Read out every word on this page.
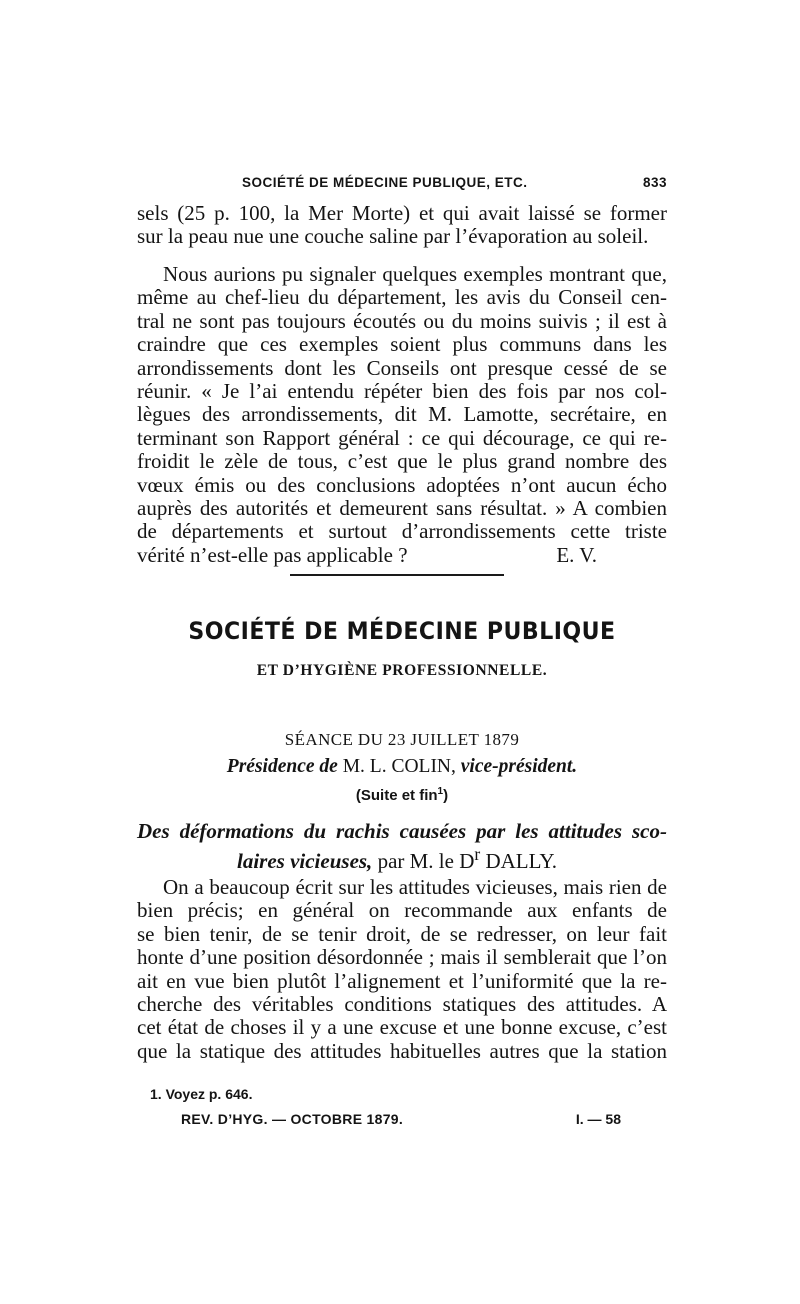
SOCIÉTÉ DE MÉDECINE PUBLIQUE, ETC.	833
sels (25 p. 100, la Mer Morte) et qui avait laissé se former
sur la peau nue une couche saline par l’évaporation au soleil.
Nous aurions pu signaler quelques exemples montrant que,
même au chef-lieu du département, les avis du Conseil cen-
tral ne sont pas toujours écoutés ou du moins suivis ; il est à
craindre que ces exemples soient plus communs dans les
arrondissements dont les Conseils ont presque cessé de se
réunir. « Je l’ai entendu répéter bien des fois par nos col-
lègues des arrondissements, dit M. Lamotte, secrétaire, en
terminant son Rapport général : ce qui décourage, ce qui re-
froidit le zèle de tous, c’est que le plus grand nombre des
vœux émis ou des conclusions adoptées n’ont aucun écho
auprès des autorités et demeurent sans résultat. » A combien
de départements et surtout d’arrondissements cette triste
vérité n’est-elle pas applicable ?	E. V.
SOCIÉTÉ DE MÉDECINE PUBLIQUE
ET D’HYGIÈNE PROFESSIONNELLE.
SÉANCE DU 23 JUILLET 1879
Présidence de M. L. COLIN, vice-président.
(Suite et fin$^1$)
Des déformations du rachis causées par les attitudes sco-
laires vicieuses, par M. le $D^r$ DALLY.
On a beaucoup écrit sur les attitudes vicieuses, mais rien de
bien précis; en général on recommande aux enfants de
se bien tenir, de se tenir droit, de se redresser, on leur fait
honte d’une position désordonnée ; mais il semblerait que l’on
ait en vue bien plutôt l’alignement et l’uniformité que la re-
cherche des véritables conditions statiques des attitudes. A
cet état de choses il y a une excuse et une bonne excuse, c’est
que la statique des attitudes habituelles autres que la station
1. Voyez p. 646.
REV. D’HYG. — OCTOBRE 1879.	I. — 58
